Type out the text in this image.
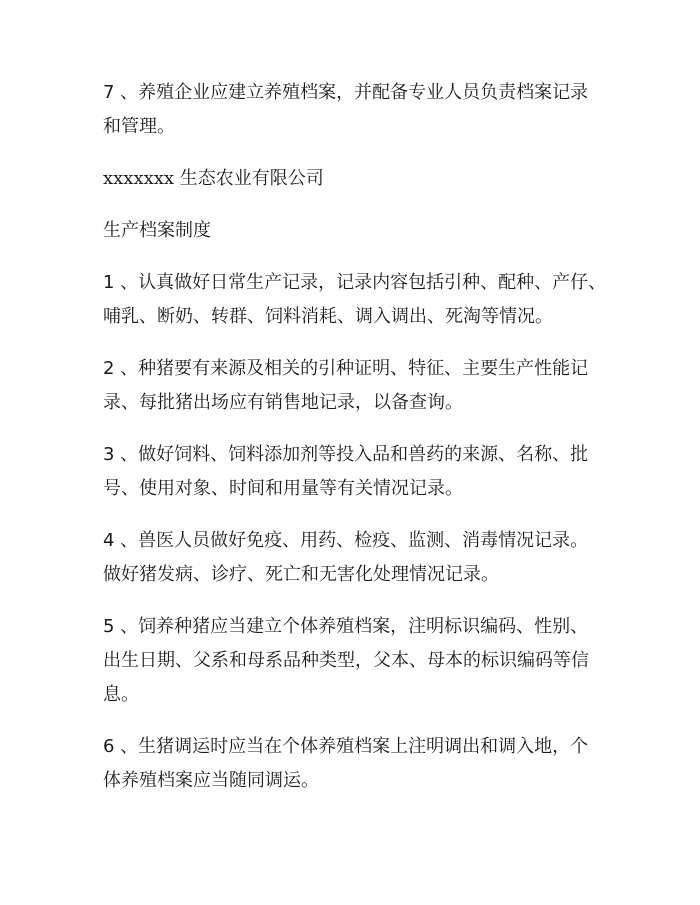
7 、养殖企业应建立养殖档案，并配备专业人员负责档案记录
和管理。

xxxxxxx 生态农业有限公司

生产档案制度

1 、认真做好日常生产记录，记录内容包括引种、配种、产仔、
哺乳、断奶、转群、饲料消耗、调入调出、死淘等情况。

2 、种猪要有来源及相关的引种证明、特征、主要生产性能记
录、每批猪出场应有销售地记录，以备查询。

3 、做好饲料、饲料添加剂等投入品和兽药的来源、名称、批
号、使用对象、时间和用量等有关情况记录。

4 、兽医人员做好免疫、用药、检疫、监测、消毒情况记录。
做好猪发病、诊疗、死亡和无害化处理情况记录。

5 、饲养种猪应当建立个体养殖档案，注明标识编码、性别、
出生日期、父系和母系品种类型，父本、母本的标识编码等信
息。

6 、生猪调运时应当在个体养殖档案上注明调出和调入地，个
体养殖档案应当随同调运。
